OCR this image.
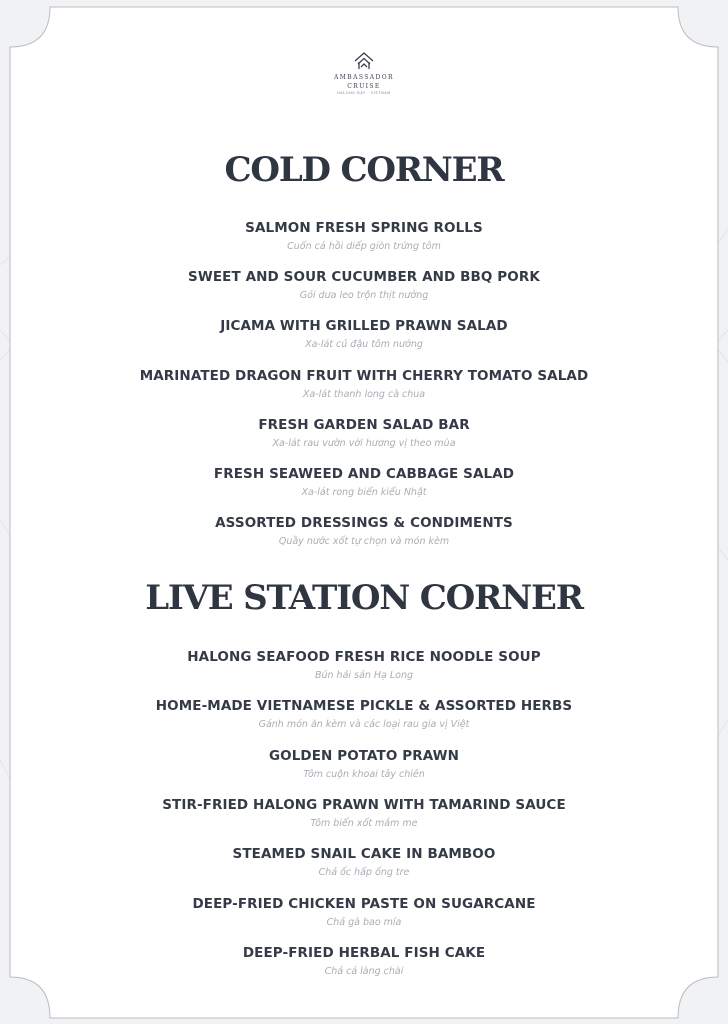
AMBASSADOR
CRUISE
HALONG BAY · VIETNAM
COLD CORNER
SALMON FRESH SPRING ROLLS
Cuốn cá hồi diếp giòn trứng tôm
SWEET AND SOUR CUCUMBER AND BBQ PORK
Gỏi dưa leo trộn thịt nướng
JICAMA WITH GRILLED PRAWN SALAD
Xa-lát củ đậu tôm nướng
MARINATED DRAGON FRUIT WITH CHERRY TOMATO SALAD
Xa-lát thanh long cà chua
FRESH GARDEN SALAD BAR
Xa-lát rau vườn với hương vị theo mùa
FRESH SEAWEED AND CABBAGE SALAD
Xa-lát rong biển kiểu Nhật
ASSORTED DRESSINGS & CONDIMENTS
Quầy nước xốt tự chọn và món kèm
LIVE STATION CORNER
HALONG SEAFOOD FRESH RICE NOODLE SOUP
Bún hải sản Hạ Long
HOME-MADE VIETNAMESE PICKLE & ASSORTED HERBS
Gánh món ăn kèm và các loại rau gia vị Việt
GOLDEN POTATO PRAWN
Tôm cuộn khoai tây chiên
STIR-FRIED HALONG PRAWN WITH TAMARIND SAUCE
Tôm biển xốt mắm me
STEAMED SNAIL CAKE IN BAMBOO
Chả ốc hấp ống tre
DEEP-FRIED CHICKEN PASTE ON SUGARCANE
Chả gà bao mía
DEEP-FRIED HERBAL FISH CAKE
Chả cá làng chài
